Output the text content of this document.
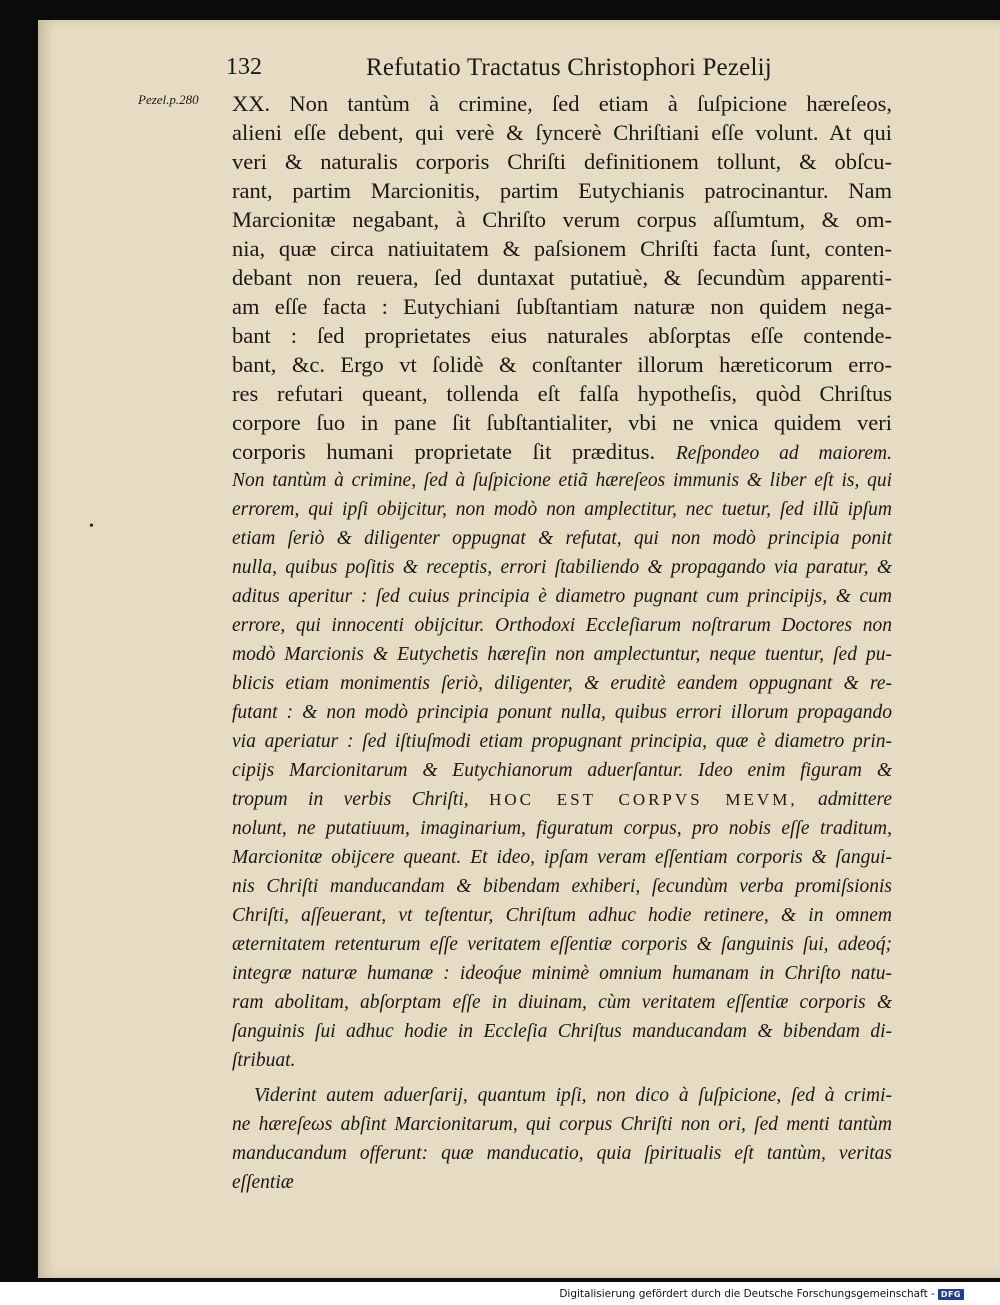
132	Refutatio Tractatus Christophori Pezelij
Pezel.p.280
•
XX. Non tantùm à crimine, ſed etiam à ſuſpicione hæreſeos,
alieni eſſe debent, qui verè & ſyncerè Chriſtiani eſſe volunt. At qui
veri & naturalis corporis Chriſti definitionem tollunt, & obſcu-
rant, partim Marcionitis, partim Eutychianis patrocinantur. Nam
Marcionitæ negabant, à Chriſto verum corpus aſſumtum, & om-
nia, quæ circa natiuitatem & paſsionem Chriſti facta ſunt, conten-
debant non reuera, ſed duntaxat putatiuè, & ſecundùm apparenti-
am eſſe facta : Eutychiani ſubſtantiam naturæ non quidem nega-
bant : ſed proprietates eius naturales abſorptas eſſe contende-
bant, &c. Ergo vt ſolidè & conſtanter illorum hæreticorum erro-
res refutari queant, tollenda eſt falſa hypotheſis, quòd Chriſtus
corpore ſuo in pane ſit ſubſtantialiter, vbi ne vnica quidem veri
corporis humani proprietate ſit præditus. Reſpondeo ad maiorem.
Non tantùm à crimine, ſed à ſuſpicione etiã hæreſeos immunis & liber eſt is, qui
errorem, qui ipſi obijcitur, non modò non amplectitur, nec tuetur, ſed illũ ipſum
etiam ſeriò & diligenter oppugnat & refutat, qui non modò principia ponit
nulla, quibus poſitis & receptis, errori ſtabiliendo & propagando via paratur, &
aditus aperitur : ſed cuius principia è diametro pugnant cum principijs, & cum
errore, qui innocenti obijcitur. Orthodoxi Eccleſiarum noſtrarum Doctores non
modò Marcionis & Eutychetis hæreſin non amplectuntur, neque tuentur, ſed pu-
blicis etiam monimentis ſeriò, diligenter, & eruditè eandem oppugnant & re-
futant : & non modò principia ponunt nulla, quibus errori illorum propagando
via aperiatur : ſed iſtiuſmodi etiam propugnant principia, quæ è diametro prin-
cipijs Marcionitarum & Eutychianorum aduerſantur. Ideo enim figuram &
tropum in verbis Chriſti, HOC EST CORPVS MEVM, admittere
nolunt, ne putatiuum, imaginarium, figuratum corpus, pro nobis eſſe traditum,
Marcionitæ obijcere queant. Et ideo, ipſam veram eſſentiam corporis & ſangui-
nis Chriſti manducandam & bibendam exhiberi, ſecundùm verba promiſsionis
Chriſti, aſſeuerant, vt teſtentur, Chriſtum adhuc hodie retinere, & in omnem
æternitatem retenturum eſſe veritatem eſſentiæ corporis & ſanguinis ſui, adeoq́;
integræ naturæ humanæ : ideoq́ue minimè omnium humanam in Chriſto natu-
ram abolitam, abſorptam eſſe in diuinam, cùm veritatem eſſentiæ corporis &
ſanguinis ſui adhuc hodie in Eccleſia Chriſtus manducandam & bibendam di-
ſtribuat.
Viderint autem aduerſarij, quantum ipſi, non dico à ſuſpicione, ſed à crimi-
ne hæreſeωs abſint Marcionitarum, qui corpus Chriſti non ori, ſed menti tantùm
manducandum offerunt: quæ manducatio, quia ſpiritualis eſt tantùm, veritas
eſſentiæ
Digitalisierung gefördert durch die Deutsche Forschungsgemeinschaft - DFG
